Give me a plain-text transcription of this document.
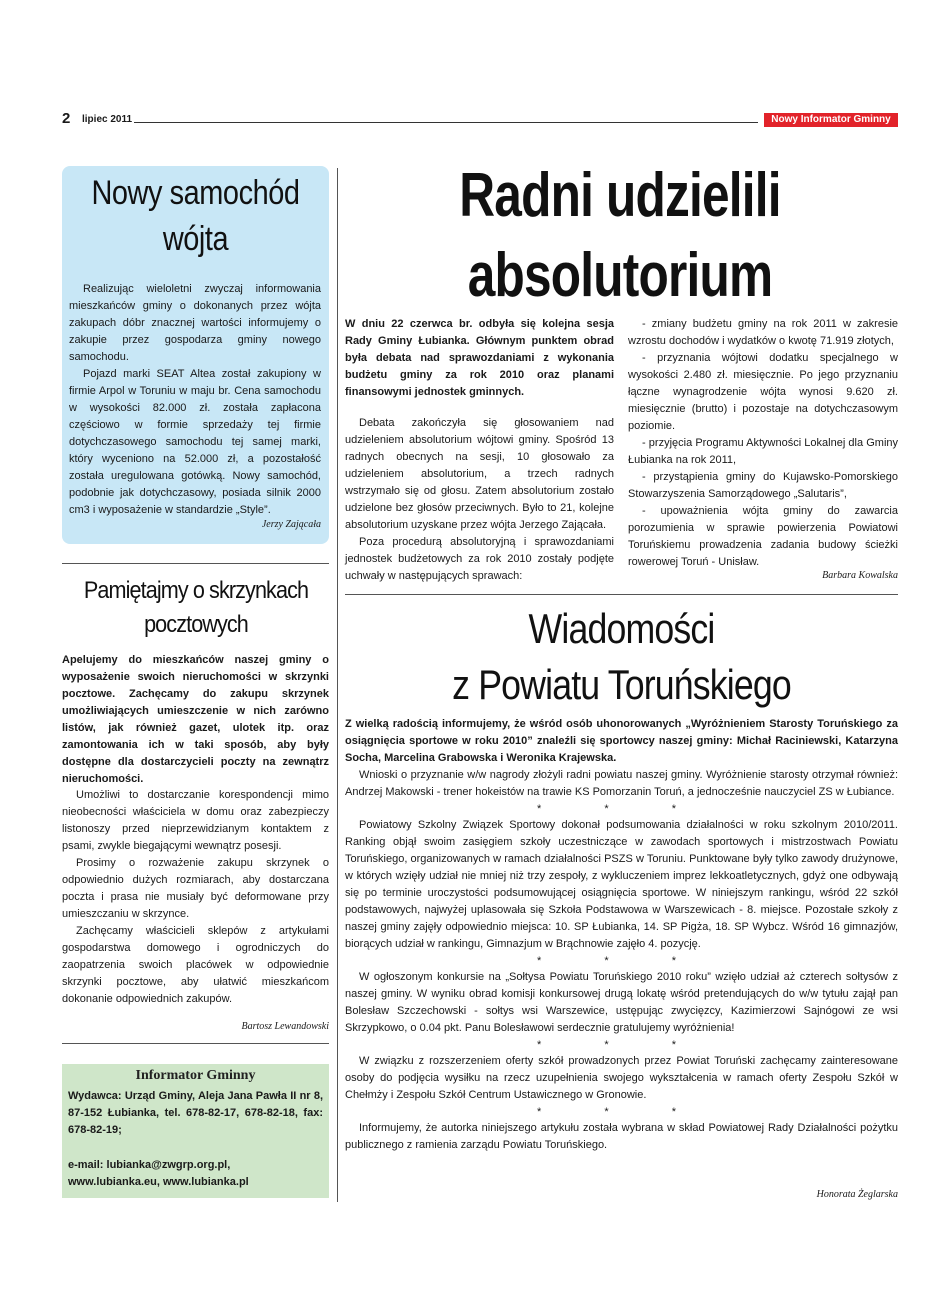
2 lipiec 2011	Nowy Informator Gminny
Nowy samochód wójta

Realizując wieloletni zwyczaj informowania mieszkańców gminy o dokonanych przez wójta zakupach dóbr znacznej wartości informujemy o zakupie przez gospodarza gminy nowego samochodu.

Pojazd marki SEAT Altea został zakupiony w firmie Arpol w Toruniu w maju br. Cena samochodu w wysokości 82.000 zł. została zapłacona częściowo w formie sprzedaży tej firmie dotychczasowego samochodu tej samej marki, który wyceniono na 52.000 zł, a pozostałość została uregulowana gotówką. Nowy samochód, podobnie jak dotychczasowy, posiada silnik 2000 cm3 i wyposażenie w standardzie „Style”.

Jerzy Zającała
Pamiętajmy o skrzynkach pocztowych
Apelujemy do mieszkańców naszej gminy o wyposażenie swoich nieruchomości w skrzynki pocztowe. Zachęcamy do zakupu skrzynek umożliwiających umieszczenie w nich zarówno listów, jak również gazet, ulotek itp. oraz zamontowania ich w taki sposób, aby były dostępne dla dostarczycieli poczty na zewnątrz nieruchomości.

Umożliwi to dostarczanie korespondencji mimo nieobecności właściciela w domu oraz zabezpieczy listonoszy przed nieprzewidzianym kontaktem z psami, zwykle biegającymi wewnątrz posesji.

Prosimy o rozważenie zakupu skrzynek o odpowiednio dużych rozmiarach, aby dostarczana poczta i prasa nie musiały być deformowane przy umieszczaniu w skrzynce.

Zachęcamy właścicieli sklepów z artykułami gospodarstwa domowego i ogrodniczych do zaopatrzenia swoich placówek w odpowiednie skrzynki pocztowe, aby ułatwić mieszkańcom dokonanie odpowiednich zakupów.

Bartosz Lewandowski
Informator Gminny
Wydawca: Urząd Gminy, Aleja Jana Pawła II nr 8, 87-152 Łubianka, tel. 678-82-17, 678-82-18, fax: 678-82-19;
e-mail: lubianka@zwgrp.org.pl,
www.lubianka.eu, www.lubianka.pl
Radni udzielili absolutorium
W dniu 22 czerwca br. odbyła się kolejna sesja Rady Gminy Łubianka. Głównym punktem obrad była debata nad sprawozdaniami z wykonania budżetu gminy za rok 2010 oraz planami finansowymi jednostek gminnych.

Debata zakończyła się głosowaniem nad udzieleniem absolutorium wójtowi gminy. Spośród 13 radnych obecnych na sesji, 10 głosowało za udzieleniem absolutorium, a trzech radnych wstrzymało się od głosu. Zatem absolutorium zostało udzielone bez głosów przeciwnych. Było to 21, kolejne absolutorium uzyskane przez wójta Jerzego Zającała.

Poza procedurą absolutoryjną i sprawozdaniami jednostek budżetowych za rok 2010 zostały podjęte uchwały w następujących sprawach:

- zmiany budżetu gminy na rok 2011 w zakresie wzrostu dochodów i wydatków o kwotę 71.919 złotych,

- przyznania wójtowi dodatku specjalnego w wysokości 2.480 zł. miesięcznie. Po jego przyznaniu łączne wynagrodzenie wójta wynosi 9.620 zł. miesięcznie (brutto) i pozostaje na dotychczasowym poziomie.

- przyjęcia Programu Aktywności Lokalnej dla Gminy Łubianka na rok 2011,

- przystąpienia gminy do Kujawsko-Pomorskiego Stowarzyszenia Samorządowego „Salutaris”,

- upoważnienia wójta gminy do zawarcia porozumienia w sprawie powierzenia Powiatowi Toruńskiemu prowadzenia zadania budowy ścieżki rowerowej Toruń - Unisław.

Barbara Kowalska
Wiadomości
z Powiatu Toruńskiego
Z wielką radością informujemy, że wśród osób uhonorowanych „Wyróżnieniem Starosty Toruńskiego za osiągnięcia sportowe w roku 2010” znaleźli się sportowcy naszej gminy: Michał Raciniewski, Katarzyna Socha, Marcelina Grabowska i Weronika Krajewska.

Wnioski o przyznanie w/w nagrody złożyli radni powiatu naszej gminy. Wyróżnienie starosty otrzymał również: Andrzej Makowski - trener hokeistów na trawie KS Pomorzanin Toruń, a jednocześnie nauczyciel ZS w Łubiance.

* * *

Powiatowy Szkolny Związek Sportowy dokonał podsumowania działalności w roku szkolnym 2010/2011. Ranking objął swoim zasięgiem szkoły uczestniczące w zawodach sportowych i mistrzostwach Powiatu Toruńskiego, organizowanych w ramach działalności PSZS w Toruniu. Punktowane były tylko zawody drużynowe, w których wzięły udział nie mniej niż trzy zespoły, z wykluczeniem imprez lekkoatletycznych, gdyż one odbywają się po terminie uroczystości podsumowującej osiągnięcia sportowe. W niniejszym rankingu, wśród 22 szkół podstawowych, najwyżej uplasowała się Szkoła Podstawowa w Warszewicach - 8. miejsce. Pozostałe szkoły z naszej gminy zajęły odpowiednio miejsca: 10. SP Łubianka, 14. SP Pigża, 18. SP Wybcz. Wśród 16 gimnazjów, biorących udział w rankingu, Gimnazjum w Brąchnowie zajęło 4. pozycję.

* * *

W ogłoszonym konkursie na „Sołtysa Powiatu Toruńskiego 2010 roku” wzięło udział aż czterech sołtysów z naszej gminy. W wyniku obrad komisji konkursowej drugą lokatę wśród pretendujących do w/w tytułu zajął pan Bolesław Szczechowski - sołtys wsi Warszewice, ustępując zwycięzcy, Kazimierzowi Sajnógowi ze wsi Skrzypkowo, o 0.04 pkt. Panu Bolesławowi serdecznie gratulujemy wyróżnienia!

* * *

W związku z rozszerzeniem oferty szkół prowadzonych przez Powiat Toruński zachęcamy zainteresowane osoby do podjęcia wysiłku na rzecz uzupełnienia swojego wykształcenia w ramach oferty Zespołu Szkół w Chełmży i Zespołu Szkół Centrum Ustawicznego w Gronowie.

* * *

Informujemy, że autorka niniejszego artykułu została wybrana w skład Powiatowej Rady Działalności pożytku publicznego z ramienia zarządu Powiatu Toruńskiego.

Honorata Żeglarska
